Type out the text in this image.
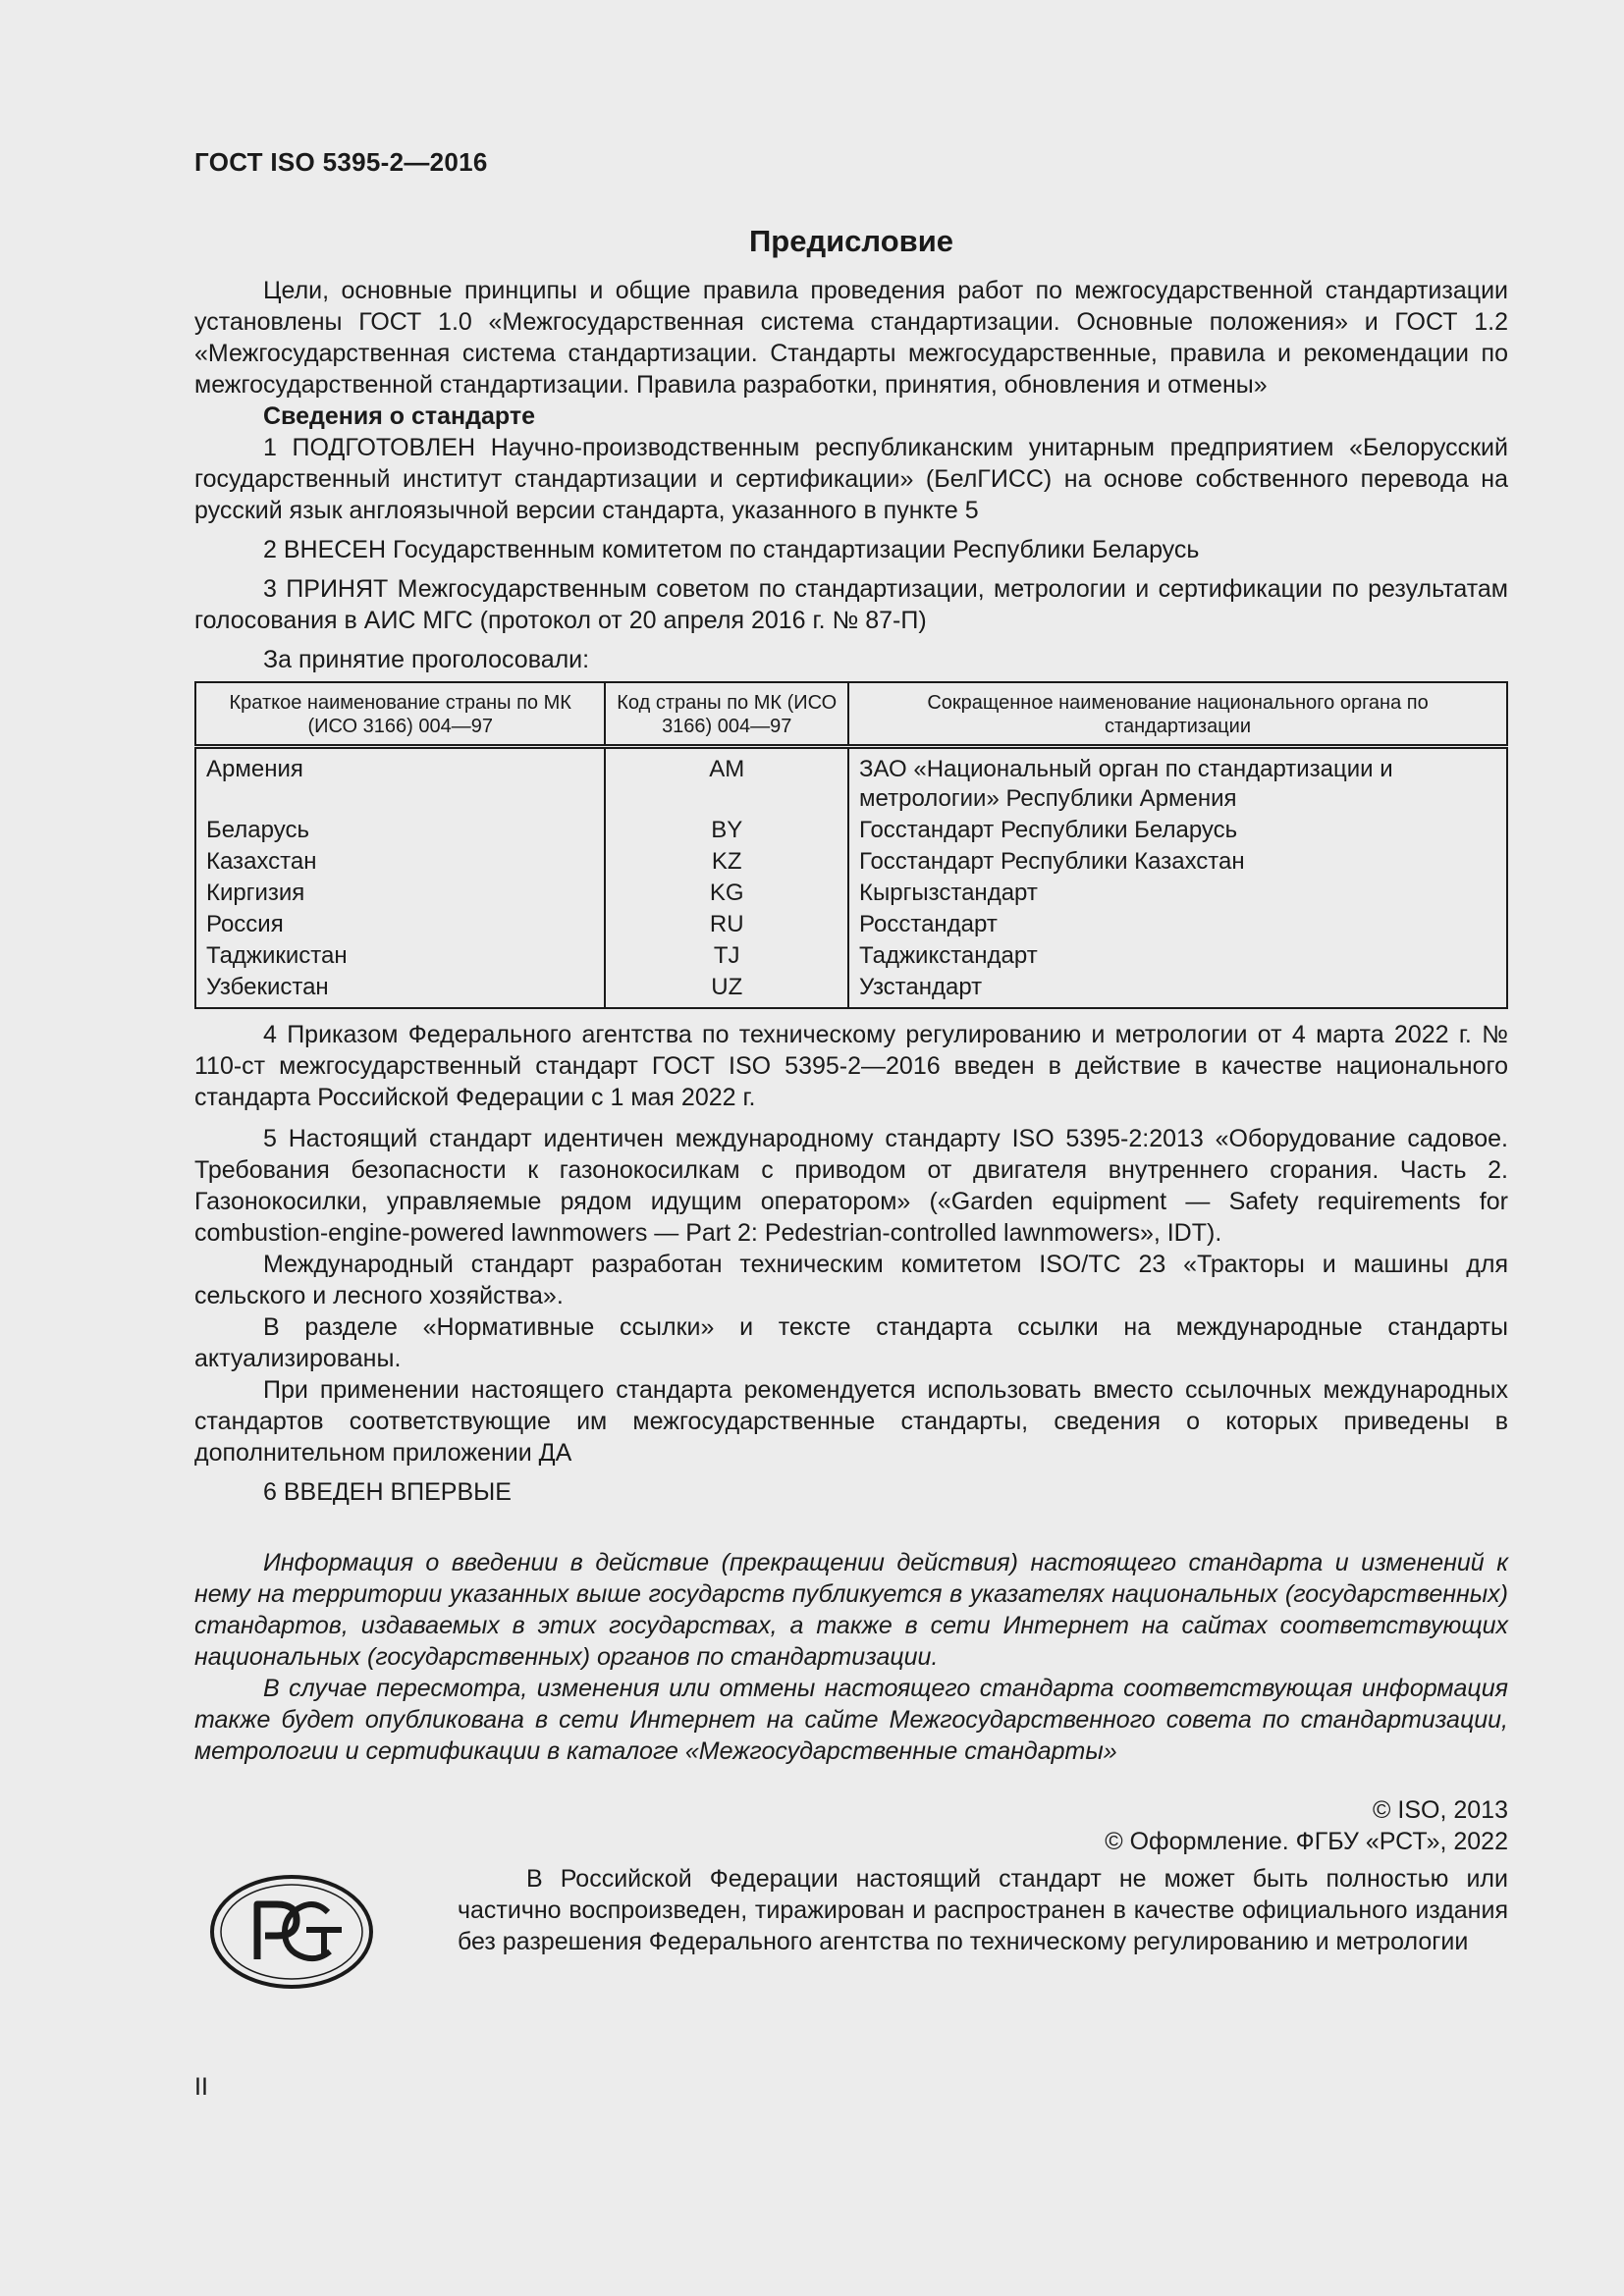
ГОСТ ISO 5395-2—2016
Предисловие

Цели, основные принципы и общие правила проведения работ по межгосударственной стандартизации установлены ГОСТ 1.0 «Межгосударственная система стандартизации. Основные положения» и ГОСТ 1.2 «Межгосударственная система стандартизации. Стандарты межгосударственные, правила и рекомендации по межгосударственной стандартизации. Правила разработки, принятия, обновления и отмены»

Сведения о стандарте

1 ПОДГОТОВЛЕН Научно-производственным республиканским унитарным предприятием «Белорусский государственный институт стандартизации и сертификации» (БелГИСС) на основе собственного перевода на русский язык англоязычной версии стандарта, указанного в пункте 5

2 ВНЕСЕН Государственным комитетом по стандартизации Республики Беларусь

3 ПРИНЯТ Межгосударственным советом по стандартизации, метрологии и сертификации по результатам голосования в АИС МГС (протокол от 20 апреля 2016 г. № 87-П)

За принятие проголосовали:

Краткое наименование страны по МК (ИСО 3166) 004—97	Код страны по МК (ИСО 3166) 004—97	Сокращенное наименование национального органа по стандартизации
Армения	AM	ЗАО «Национальный орган по стандартизации и метрологии» Республики Армения
Беларусь	BY	Госстандарт Республики Беларусь
Казахстан	KZ	Госстандарт Республики Казахстан
Киргизия	KG	Кыргызстандарт
Россия	RU	Росстандарт
Таджикистан	TJ	Таджикстандарт
Узбекистан	UZ	Узстандарт

4 Приказом Федерального агентства по техническому регулированию и метрологии от 4 марта 2022 г. № 110-ст межгосударственный стандарт ГОСТ ISO 5395-2—2016 введен в действие в качестве национального стандарта Российской Федерации с 1 мая 2022 г.

5 Настоящий стандарт идентичен международному стандарту ISO 5395-2:2013 «Оборудование садовое. Требования безопасности к газонокосилкам с приводом от двигателя внутреннего сгорания. Часть 2. Газонокосилки, управляемые рядом идущим оператором» («Garden equipment — Safety requirements for combustion-engine-powered lawnmowers — Part 2: Pedestrian-controlled lawnmowers», IDT).

Международный стандарт разработан техническим комитетом ISO/TC 23 «Тракторы и машины для сельского и лесного хозяйства».

В разделе «Нормативные ссылки» и тексте стандарта ссылки на международные стандарты актуализированы.

При применении настоящего стандарта рекомендуется использовать вместо ссылочных международных стандартов соответствующие им межгосударственные стандарты, сведения о которых приведены в дополнительном приложении ДА

6 ВВЕДЕН ВПЕРВЫЕ

Информация о введении в действие (прекращении действия) настоящего стандарта и изменений к нему на территории указанных выше государств публикуется в указателях национальных (государственных) стандартов, издаваемых в этих государствах, а также в сети Интернет на сайтах соответствующих национальных (государственных) органов по стандартизации.

В случае пересмотра, изменения или отмены настоящего стандарта соответствующая информация также будет опубликована в сети Интернет на сайте Межгосударственного совета по стандартизации, метрологии и сертификации в каталоге «Межгосударственные стандарты»

© ISO, 2013
© Оформление. ФГБУ «РСТ», 2022

В Российской Федерации настоящий стандарт не может быть полностью или частично воспроизведен, тиражирован и распространен в качестве официального издания без разрешения Федерального агентства по техническому регулированию и метрологии

II
